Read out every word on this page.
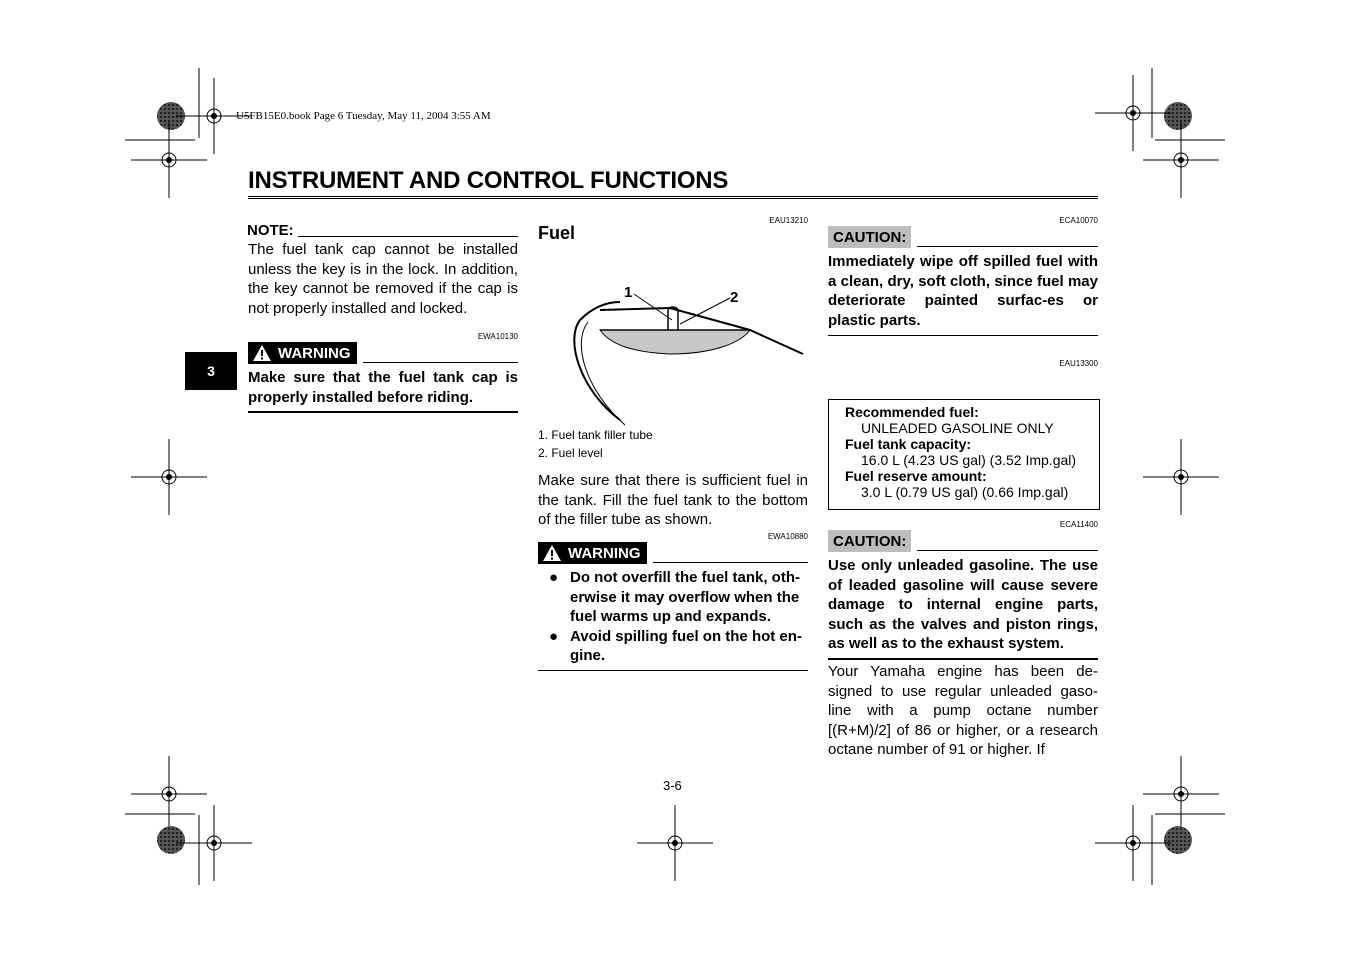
U5FB15E0.book Page 6 Tuesday, May 11, 2004 3:55 AM
INSTRUMENT AND CONTROL FUNCTIONS
3
NOTE:
The fuel tank cap cannot be installed unless the key is in the lock. In addition, the key cannot be removed if the cap is not properly installed and locked.
EWA10130
WARNING
Make sure that the fuel tank cap is properly installed before riding.
EAU13210
Fuel
1	2
1. Fuel tank filler tube
2. Fuel level
Make sure that there is sufficient fuel in the tank. Fill the fuel tank to the bottom of the filler tube as shown.
EWA10880
WARNING
● Do not overfill the fuel tank, oth-erwise it may overflow when the fuel warms up and expands.
● Avoid spilling fuel on the hot en-gine.
ECA10070
CAUTION:
Immediately wipe off spilled fuel with a clean, dry, soft cloth, since fuel may deteriorate painted surfac-es or plastic parts.
EAU13300
Recommended fuel:
UNLEADED GASOLINE ONLY
Fuel tank capacity:
16.0 L (4.23 US gal) (3.52 Imp.gal)
Fuel reserve amount:
3.0 L (0.79 US gal) (0.66 Imp.gal)
ECA11400
CAUTION:
Use only unleaded gasoline. The use of leaded gasoline will cause severe damage to internal engine parts, such as the valves and piston rings, as well as to the exhaust system.
Your Yamaha engine has been de-signed to use regular unleaded gaso-line with a pump octane number [(R+M)/2] of 86 or higher, or a research octane number of 91 or higher. If
3-6
